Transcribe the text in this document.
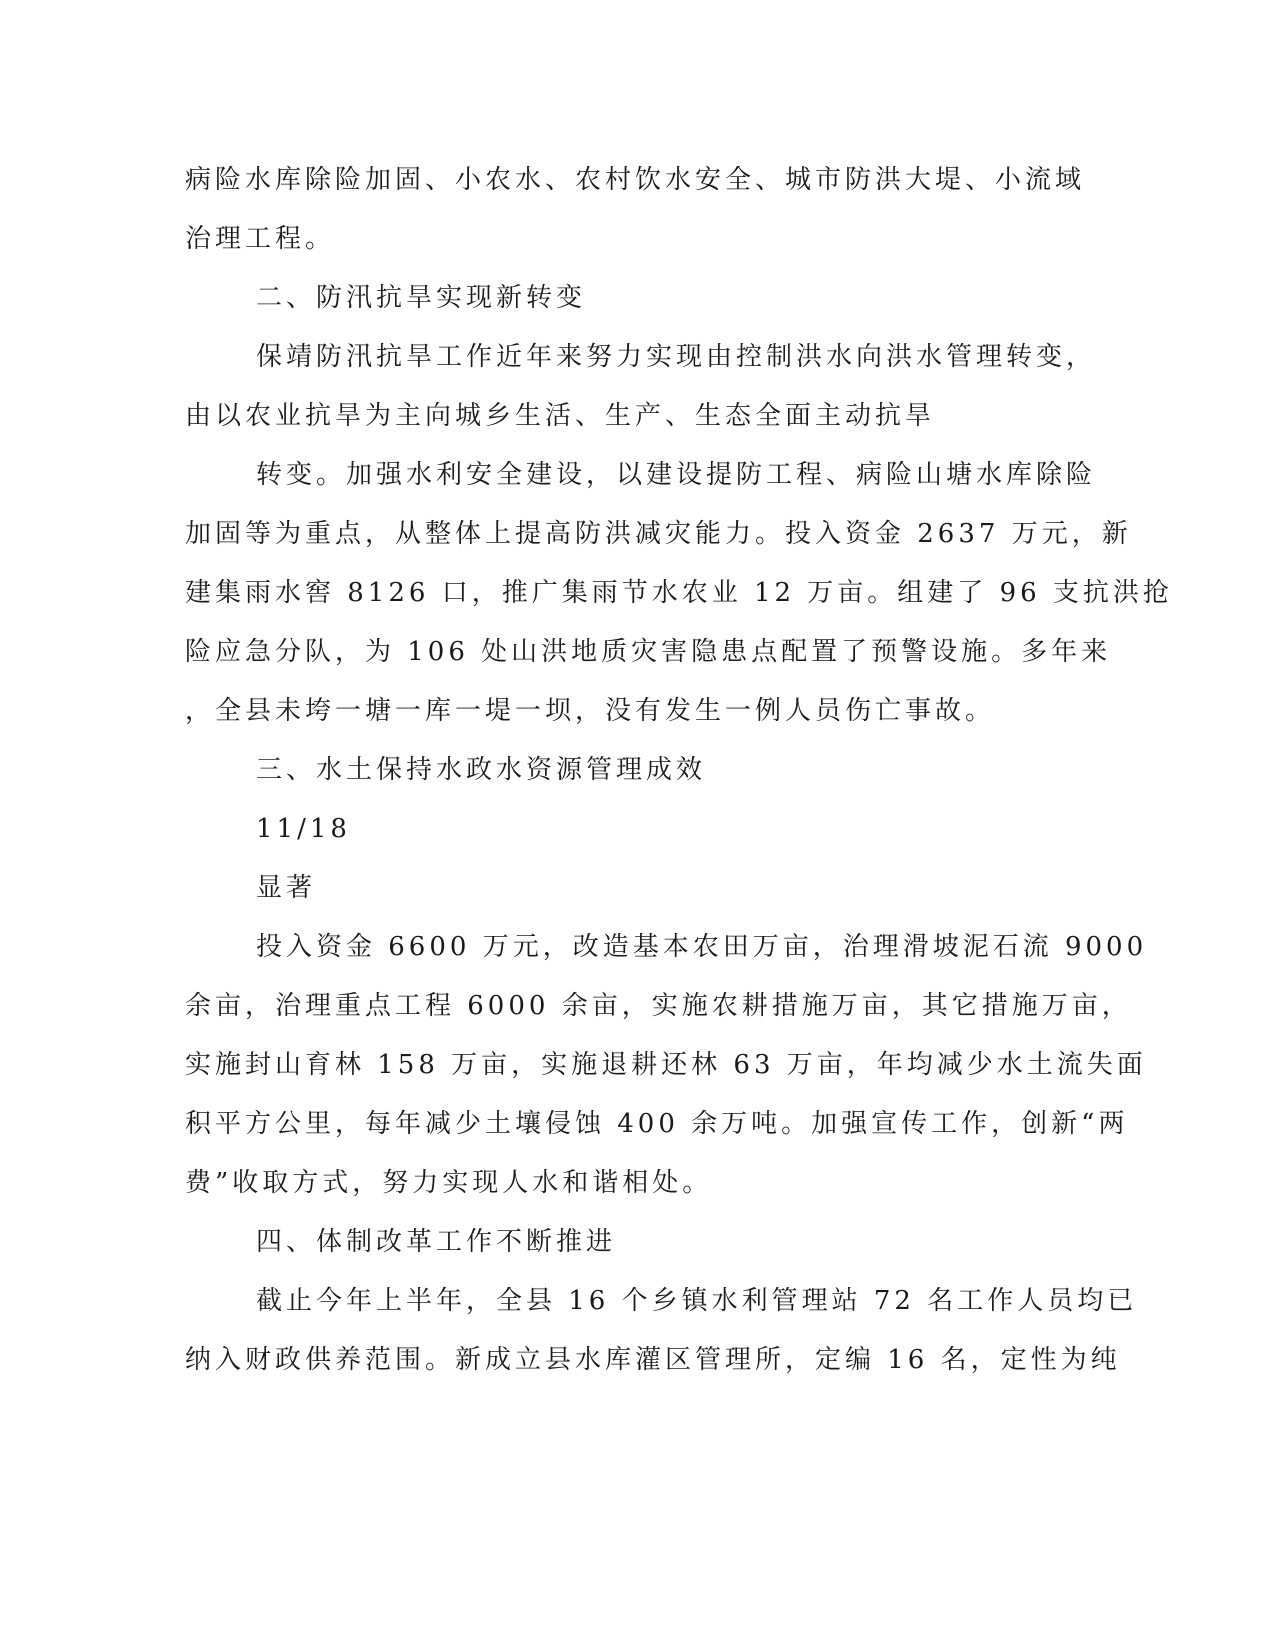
病险水库除险加固、小农水、农村饮水安全、城市防洪大堤、小流域
治理工程。
二、防汛抗旱实现新转变
保靖防汛抗旱工作近年来努力实现由控制洪水向洪水管理转变，
由以农业抗旱为主向城乡生活、生产、生态全面主动抗旱
转变。加强水利安全建设，以建设提防工程、病险山塘水库除险
加固等为重点，从整体上提高防洪减灾能力。投入资金 2637 万元，新
建集雨水窖 8126 口，推广集雨节水农业 12 万亩。组建了 96 支抗洪抢
险应急分队，为 106 处山洪地质灾害隐患点配置了预警设施。多年来
，全县未垮一塘一库一堤一坝，没有发生一例人员伤亡事故。
三、水土保持水政水资源管理成效
11/18
显著
投入资金 6600 万元，改造基本农田万亩，治理滑坡泥石流 9000
余亩，治理重点工程 6000 余亩，实施农耕措施万亩，其它措施万亩，
实施封山育林 158 万亩，实施退耕还林 63 万亩，年均减少水土流失面
积平方公里，每年减少土壤侵蚀 400 余万吨。加强宣传工作，创新“两
费”收取方式，努力实现人水和谐相处。
四、体制改革工作不断推进
截止今年上半年，全县 16 个乡镇水利管理站 72 名工作人员均已
纳入财政供养范围。新成立县水库灌区管理所，定编 16 名，定性为纯
